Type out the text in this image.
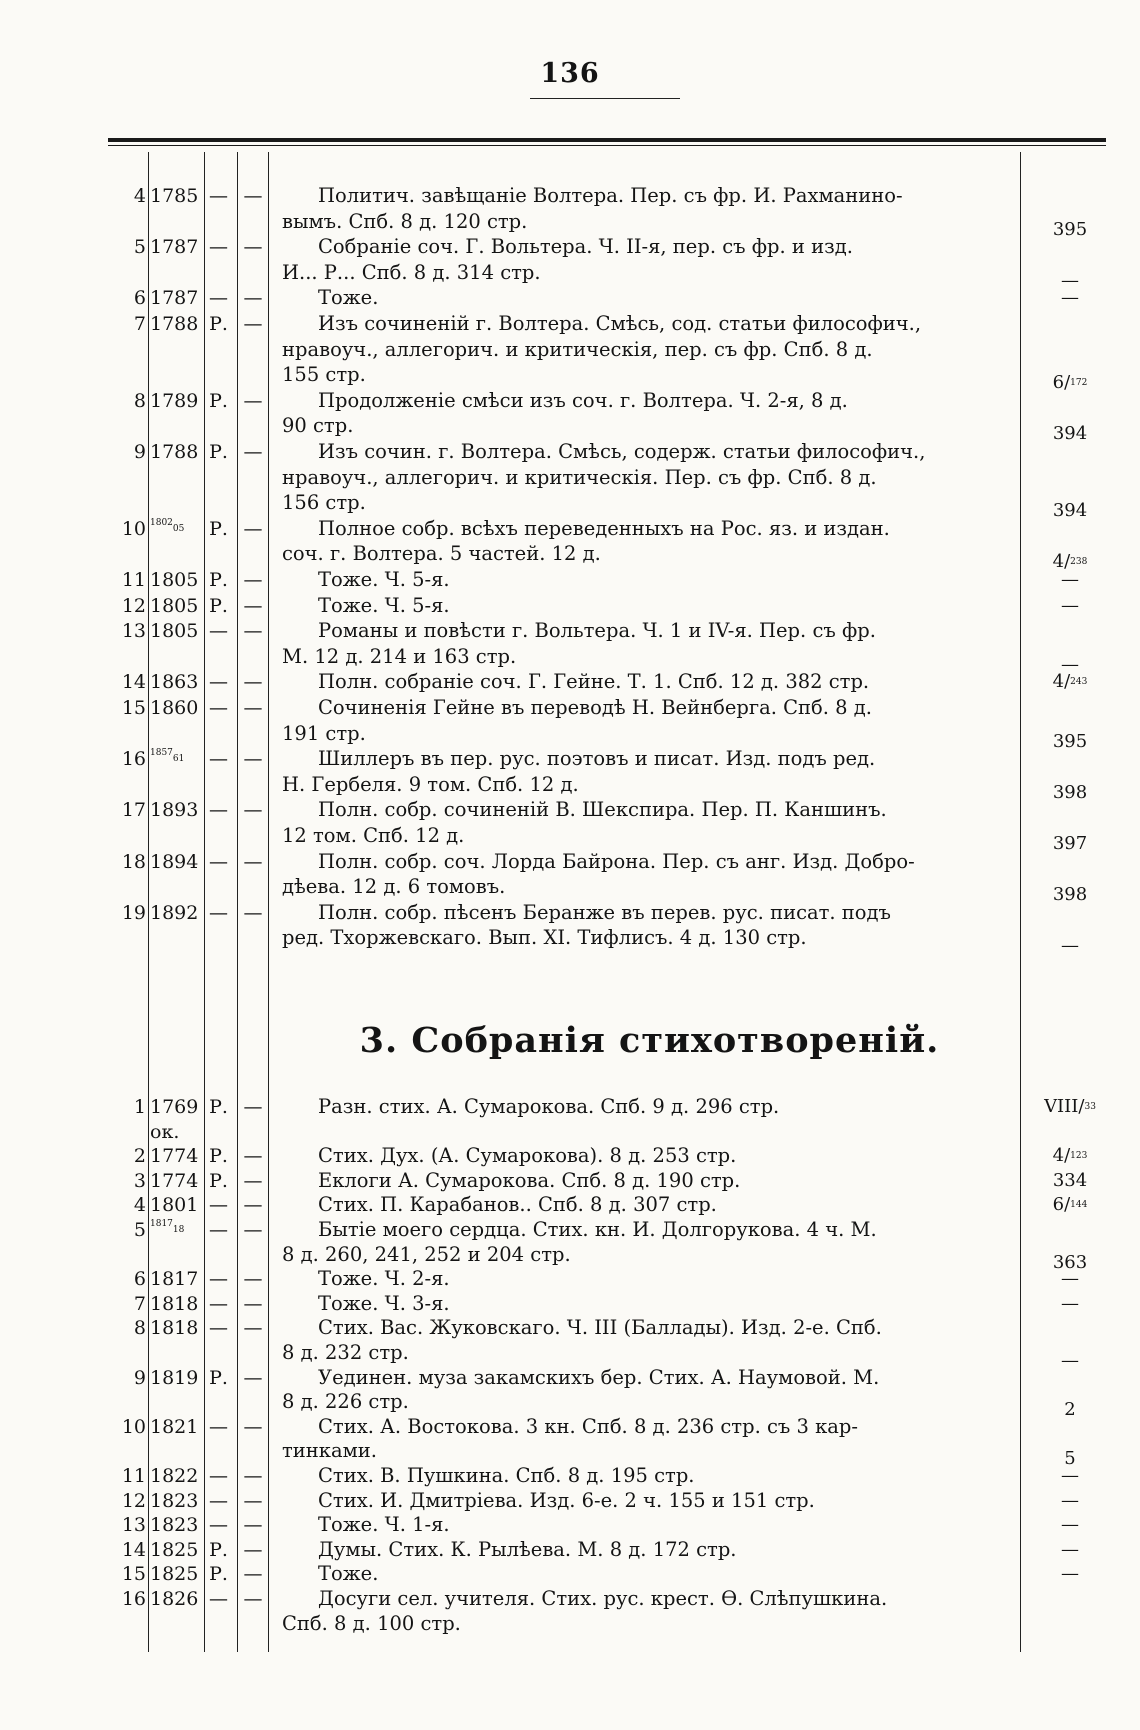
136
4 1785 — —	Политич. завѣщаніе Волтера. Пер. съ фр. И. Рахманино-
вымъ. Спб. 8 д. 120 стр.	395
5 1787 — —	Собраніе соч. Г. Вольтера. Ч. II-я, пер. съ фр. и изд.
И... Р... Спб. 8 д. 314 стр.	—
6 1787 — —	Тоже.	—
7 1788 Р. —	Изъ сочиненій г. Волтера. Смѣсь, сод. статьи философич.,
нравоуч., аллегорич. и критическія, пер. съ фр. Спб. 8 д.
155 стр.	6/172
8 1789 Р. —	Продолженіе смѣси изъ соч. г. Волтера. Ч. 2-я, 8 д.
90 стр.	394
9 1788 Р. —	Изъ сочин. г. Волтера. Смѣсь, содерж. статьи философич.,
нравоуч., аллегорич. и критическія. Пер. съ фр. Спб. 8 д.
156 стр.	394
10 $^{1802}$05	Р. —	Полное собр. всѣхъ переведенныхъ на Рос. яз. и издан.
соч. г. Волтера. 5 частей. 12 д.	4/238
11 1805 Р. —	Тоже. Ч. 5-я.	—
12 1805 Р. —	Тоже. Ч. 5-я.	—
13 1805 — —	Романы и повѣсти г. Вольтера. Ч. 1 и IV-я. Пер. съ фр.
М. 12 д. 214 и 163 стр.	—
14 1863 — —	Полн. собраніе соч. Г. Гейне. Т. 1. Спб. 12 д. 382 стр.	4/243
15 1860 — —	Сочиненія Гейне въ переводѣ Н. Вейнберга. Спб. 8 д.
191 стр.	395
16 $^{1857}$61	— —	Шиллеръ въ пер. рус. поэтовъ и писат. Изд. подъ ред.
Н. Гербеля. 9 том. Спб. 12 д.	398
17 1893 — —	Полн. собр. сочиненій В. Шекспира. Пер. П. Каншинъ.
12 том. Спб. 12 д.	397
18 1894 — —	Полн. собр. соч. Лорда Байрона. Пер. съ анг. Изд. Добро-
дѣева. 12 д. 6 томовъ.	398
19 1892 — —	Полн. собр. пѣсенъ Беранже въ перев. рус. писат. подъ
ред. Тхоржевскаго. Вып. XI. Тифлисъ. 4 д. 130 стр.	—
3. Собранія стихотвореній.
1 1769 Р. —	Разн. стих. А. Сумарокова. Спб. 9 д. 296 стр.	VIII/33
ок.
2 1774 Р. —	Стих. Дух. (А. Сумарокова). 8 д. 253 стр.	4/123
3 1774 Р. —	Еклоги А. Сумарокова. Спб. 8 д. 190 стр.	334
4 1801 — —	Стих. П. Карабанов.. Спб. 8 д. 307 стр.	6/144
5 $^{1817}$18	— —	Бытіе моего сердца. Стих. кн. И. Долгорукова. 4 ч. М.
8 д. 260, 241, 252 и 204 стр.	363
6 1817 — —	Тоже. Ч. 2-я.	—
7 1818 — —	Тоже. Ч. 3-я.	—
8 1818 — —	Стих. Вас. Жуковскаго. Ч. III (Баллады). Изд. 2-е. Спб.
8 д. 232 стр.	—
9 1819 Р. —	Уединен. муза закамскихъ бер. Стих. А. Наумовой. М.
8 д. 226 стр.	2
10 1821 — —	Стих. А. Востокова. 3 кн. Спб. 8 д. 236 стр. съ 3 кар-
тинками.	5
11 1822 — —	Стих. В. Пушкина. Спб. 8 д. 195 стр.	—
12 1823 — —	Стих. И. Дмитріева. Изд. 6-е. 2 ч. 155 и 151 стр.	—
13 1823 — —	Тоже. Ч. 1-я.	—
14 1825 Р. —	Думы. Стих. К. Рылѣева. М. 8 д. 172 стр.	—
15 1825 Р. —	Тоже.	—
16 1826 — —	Досуги сел. учителя. Стих. рус. крест. Ѳ. Слѣпушкина.
Спб. 8 д. 100 стр.
